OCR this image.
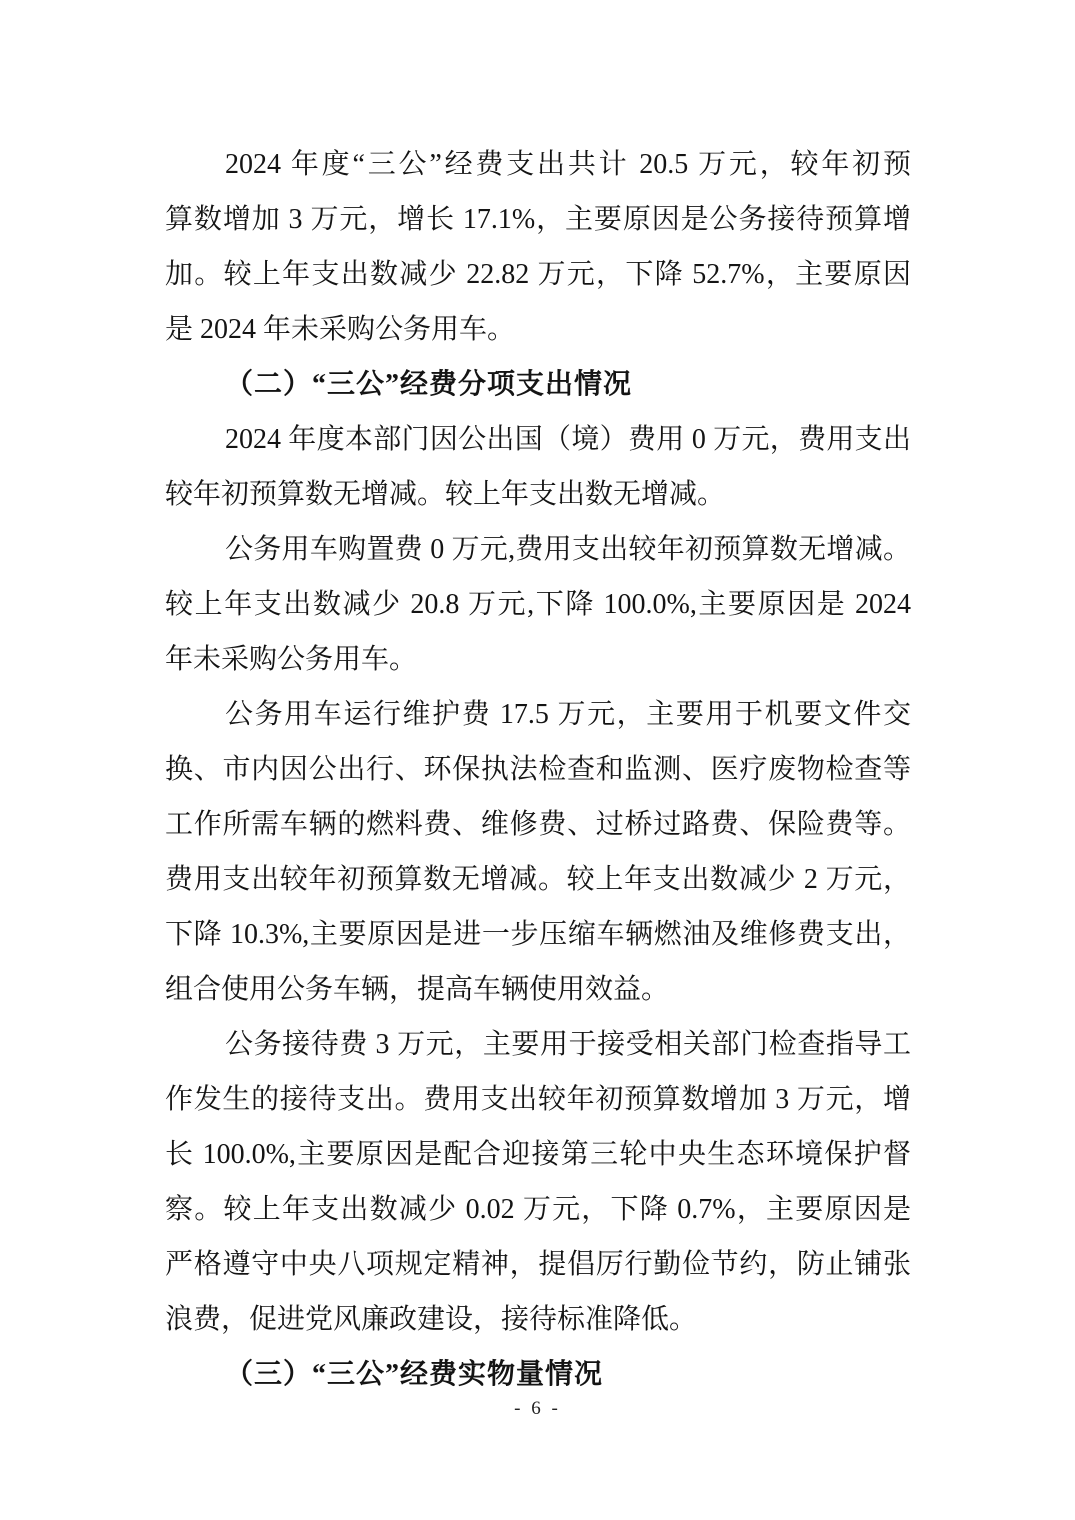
2024 年度“三公”经费支出共计 20.5 万元，较年初预
算数增加 3 万元，增长 17.1%，主要原因是公务接待预算增
加。较上年支出数减少 22.82 万元，下降 52.7%，主要原因
是 2024 年未采购公务用车。
（二）“三公”经费分项支出情况
2024 年度本部门因公出国（境）费用 0 万元，费用支出
较年初预算数无增减。较上年支出数无增减。
公务用车购置费 0 万元,费用支出较年初预算数无增减。
较上年支出数减少 20.8 万元,下降 100.0%,主要原因是 2024
年未采购公务用车。
公务用车运行维护费 17.5 万元，主要用于机要文件交
换、市内因公出行、环保执法检查和监测、医疗废物检查等
工作所需车辆的燃料费、维修费、过桥过路费、保险费等。
费用支出较年初预算数无增减。较上年支出数减少 2 万元，
下降 10.3%,主要原因是进一步压缩车辆燃油及维修费支出，
组合使用公务车辆，提高车辆使用效益。
公务接待费 3 万元，主要用于接受相关部门检查指导工
作发生的接待支出。费用支出较年初预算数增加 3 万元，增
长 100.0%,主要原因是配合迎接第三轮中央生态环境保护督
察。较上年支出数减少 0.02 万元，下降 0.7%，主要原因是
严格遵守中央八项规定精神，提倡厉行勤俭节约，防止铺张
浪费，促进党风廉政建设，接待标准降低。
（三）“三公”经费实物量情况
- 6 -
